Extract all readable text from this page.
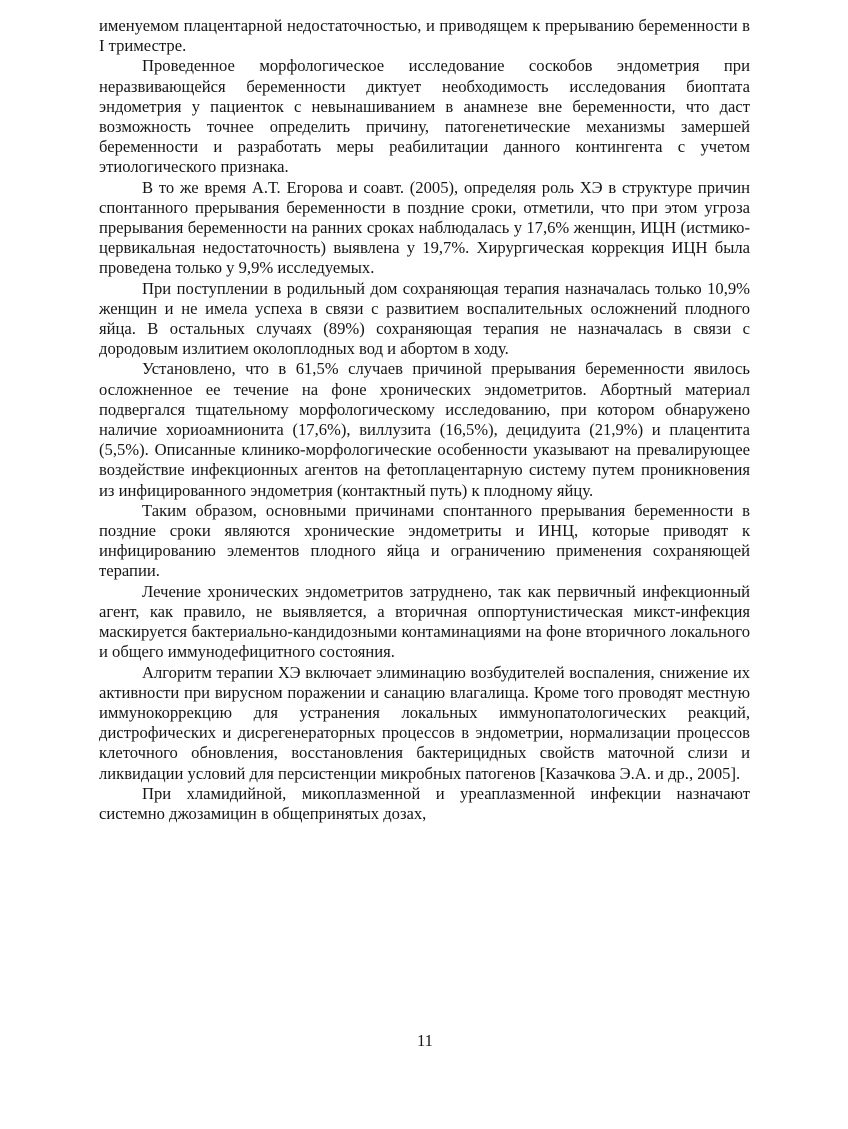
именуемом плацентарной недостаточностью, и приводящем к прерыванию беременности в I триместре.

Проведенное морфологическое исследование соскобов эндометрия при неразвивающейся беременности диктует необходимость исследования биоптата эндометрия у пациенток с невынашиванием в анамнезе вне беременности, что даст возможность точнее определить причину, патогенетические механизмы замершей беременности и разработать меры реабилитации данного контингента с учетом этиологического признака.

В то же время А.Т. Егорова и соавт. (2005), определяя роль ХЭ в структуре причин спонтанного прерывания беременности в поздние сроки, отметили, что при этом угроза прерывания беременности на ранних сроках наблюдалась у 17,6% женщин, ИЦН (истмико-цервикальная недостаточность) выявлена у 19,7%. Хирургическая коррекция ИЦН была проведена только у 9,9% исследуемых.

При поступлении в родильный дом сохраняющая терапия назначалась только 10,9% женщин и не имела успеха в связи с развитием воспалительных осложнений плодного яйца. В остальных случаях (89%) сохраняющая терапия не назначалась в связи с дородовым излитием околоплодных вод и абортом в ходу.

Установлено, что в 61,5% случаев причиной прерывания беременности явилось осложненное ее течение на фоне хронических эндометритов. Абортный материал подвергался тщательному морфологическому исследованию, при котором обнаружено наличие хориоамнионита (17,6%), виллузита (16,5%), децидуита (21,9%) и плацентита (5,5%). Описанные клинико-морфологические особенности указывают на превалирующее воздействие инфекционных агентов на фетоплацентарную систему путем проникновения из инфицированного эндометрия (контактный путь) к плодному яйцу.

Таким образом, основными причинами спонтанного прерывания беременности в поздние сроки являются хронические эндометриты и ИНЦ, которые приводят к инфицированию элементов плодного яйца и ограничению применения сохраняющей терапии.

Лечение хронических эндометритов затруднено, так как первичный инфекционный агент, как правило, не выявляется, а вторичная оппортунистическая микст-инфекция маскируется бактериально-кандидозными контаминациями на фоне вторичного локального и общего иммунодефицитного состояния.

Алгоритм терапии ХЭ включает элиминацию возбудителей воспаления, снижение их активности при вирусном поражении и санацию влагалища. Кроме того проводят местную иммунокоррекцию для устранения локальных иммунопатологических реакций, дистрофических и дисрегенераторных процессов в эндометрии, нормализации процессов клеточного обновления, восстановления бактерицидных свойств маточной слизи и ликвидации условий для персистенции микробных патогенов [Казачкова Э.А. и др., 2005].

При хламидийной, микоплазменной и уреаплазменной инфекции назначают системно джозамицин в общепринятых дозах,

11
